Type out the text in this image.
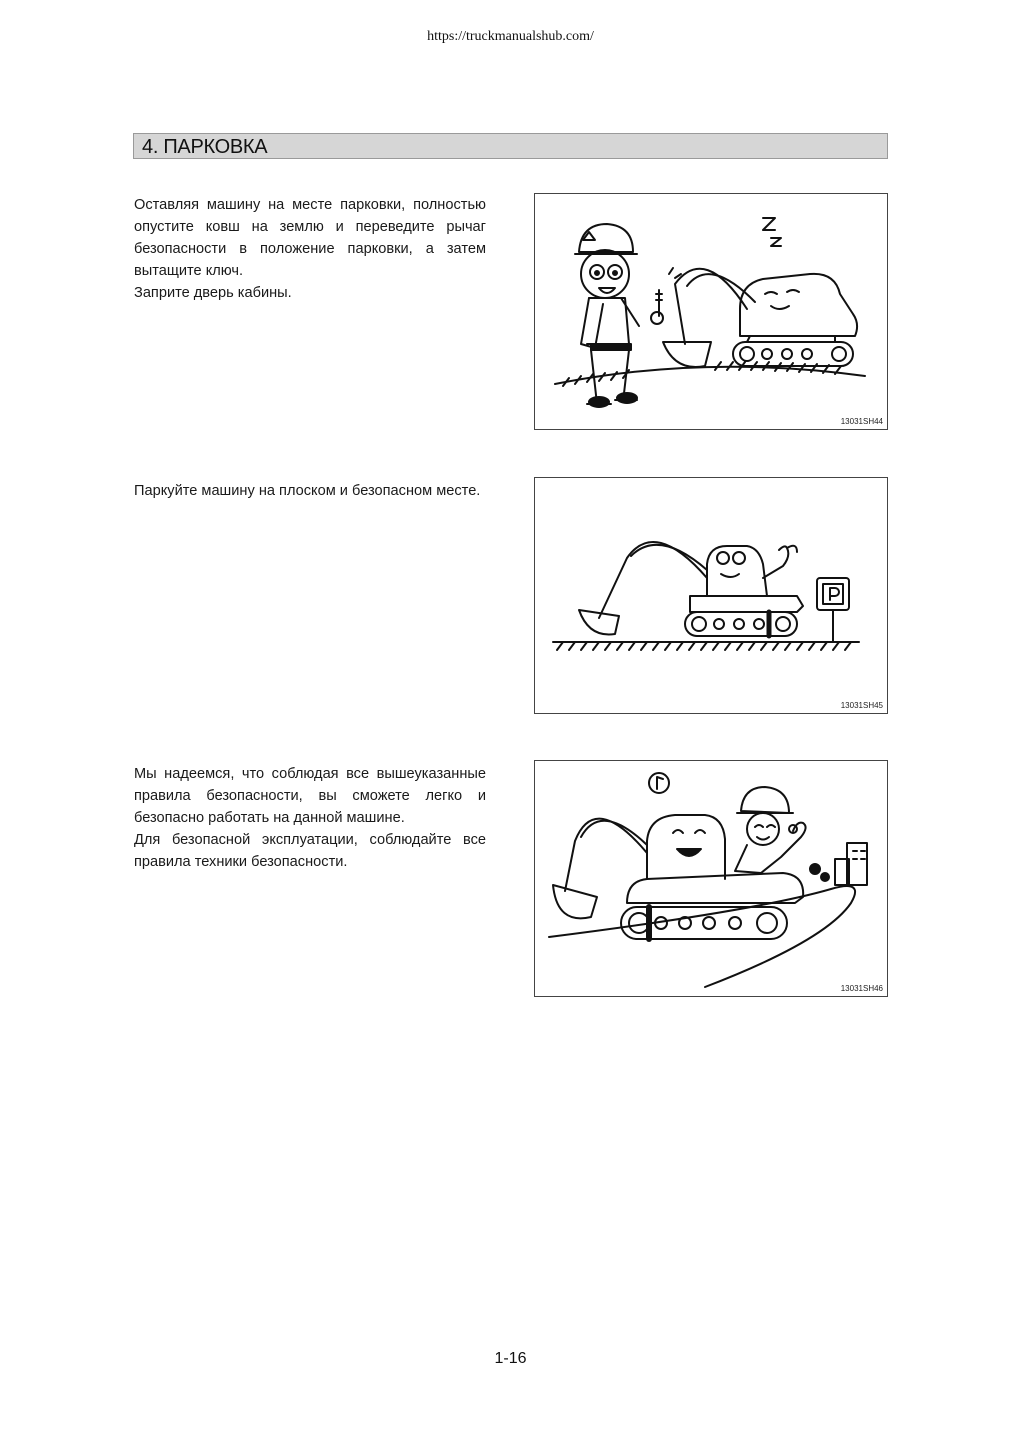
https://truckmanualshub.com/
4. ПАРКОВКА

Оставляя машину на месте парковки, полностью опустите ковш на землю и переведите рычаг безопасности в положение парковки, а затем вытащите ключ.

Заприте дверь кабины.

13031SH44

Паркуйте машину на плоском и безопасном месте.

13031SH45

Мы надеемся, что соблюдая все вышеуказанные правила безопасности, вы сможете легко и безопасно работать на данной машине.

Для безопасной эксплуатации, соблюдайте все правила техники безопасности.

13031SH46
1-16
